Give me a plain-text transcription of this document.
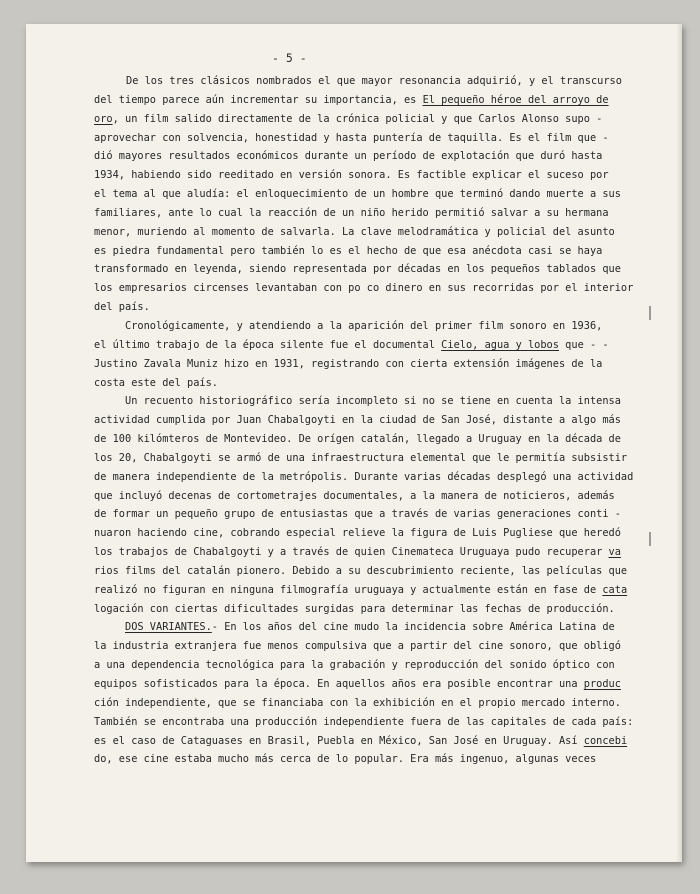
- 5 -
De los tres clásicos nombrados el que mayor resonancia adquirió, y el transcurso
del tiempo parece aún incrementar su importancia, es El pequeño héroe del arroyo de
oro, un film salido directamente de la crónica policial y que Carlos Alonso supo -
aprovechar con solvencia, honestidad y hasta puntería de taquilla. Es el film que -
dió mayores resultados económicos durante un período de explotación que duró hasta
1934, habiendo sido reeditado en versión sonora. Es factible explicar el suceso por
el tema al que aludía: el enloquecimiento de un hombre que terminó dando muerte a sus
familiares, ante lo cual la reacción de un niño herido permitió salvar a su hermana
menor, muriendo al momento de salvarla. La clave melodramática y policial del asunto
es piedra fundamental pero también lo es el hecho de que esa anécdota casi se haya
transformado en leyenda, siendo representada por décadas en los pequeños tablados que
los empresarios circenses levantaban con po co dinero en sus recorridas por el interior
del país.
Cronológicamente, y atendiendo a la aparición del primer film sonoro en 1936,
el último trabajo de la época silente fue el documental Cielo, agua y lobos que - -
Justino Zavala Muniz hizo en 1931, registrando con cierta extensión imágenes de la
costa este del país.
Un recuento historiográfico sería incompleto si no se tiene en cuenta la intensa
actividad cumplida por Juan Chabalgoyti en la ciudad de San José, distante a algo más
de 100 kilómteros de Montevideo. De orígen catalán, llegado a Uruguay en la década de
los 20, Chabalgoyti se armó de una infraestructura elemental que le permitía subsistir
de manera independiente de la metrópolis. Durante varias décadas desplegó una actividad
que incluyó decenas de cortometrajes documentales, a la manera de noticieros, además
de formar un pequeño grupo de entusiastas que a través de varias generaciones conti -
nuaron haciendo cine, cobrando especial relieve la figura de Luis Pugliese que heredó
los trabajos de Chabalgoyti y a través de quien Cinemateca Uruguaya pudo recuperar va
rios films del catalán pionero. Debido a su descubrimiento reciente, las películas que
realizó no figuran en ninguna filmografía uruguaya y actualmente están en fase de cata
logación con ciertas dificultades surgidas para determinar las fechas de producción.
DOS VARIANTES.- En los años del cine mudo la incidencia sobre América Latina de
la industria extranjera fue menos compulsiva que a partir del cine sonoro, que obligó
a una dependencia tecnológica para la grabación y reproducción del sonido óptico con
equipos sofisticados para la época. En aquellos años era posible encontrar una produc
ción independiente, que se financiaba con la exhibición en el propio mercado interno.
También se encontraba una producción independiente fuera de las capitales de cada país:
es el caso de Cataguases en Brasil, Puebla en México, San José en Uruguay. Así concebi
do, ese cine estaba mucho más cerca de lo popular. Era más ingenuo, algunas veces
